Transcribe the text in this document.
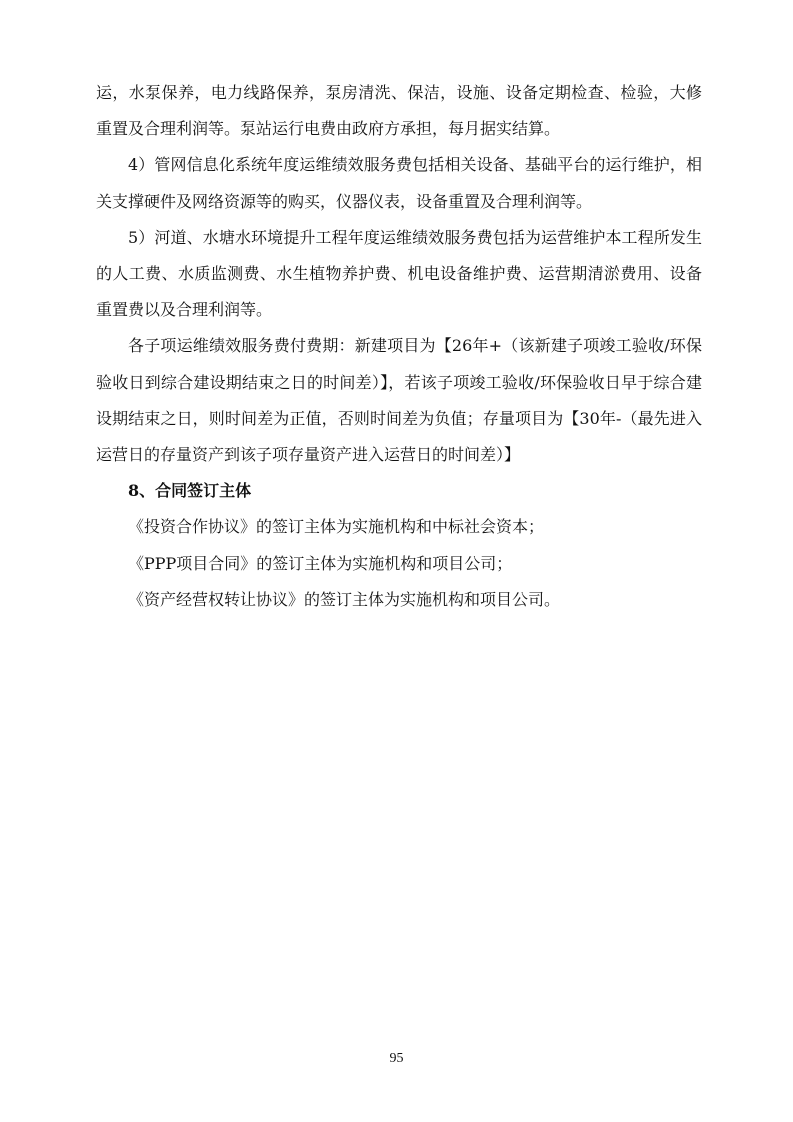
运，水泵保养，电力线路保养，泵房清洗、保洁，设施、设备定期检查、检验，大修重置及合理利润等。泵站运行电费由政府方承担，每月据实结算。

4）管网信息化系统年度运维绩效服务费包括相关设备、基础平台的运行维护，相关支撑硬件及网络资源等的购买，仪器仪表，设备重置及合理利润等。

5）河道、水塘水环境提升工程年度运维绩效服务费包括为运营维护本工程所发生的人工费、水质监测费、水生植物养护费、机电设备维护费、运营期清淤费用、设备重置费以及合理利润等。

各子项运维绩效服务费付费期：新建项目为【26年+（该新建子项竣工验收/环保验收日到综合建设期结束之日的时间差）】，若该子项竣工验收/环保验收日早于综合建设期结束之日，则时间差为正值，否则时间差为负值；存量项目为【30年-（最先进入运营日的存量资产到该子项存量资产进入运营日的时间差）】

8、合同签订主体

《投资合作协议》的签订主体为实施机构和中标社会资本；

《PPP项目合同》的签订主体为实施机构和项目公司；

《资产经营权转让协议》的签订主体为实施机构和项目公司。

95
